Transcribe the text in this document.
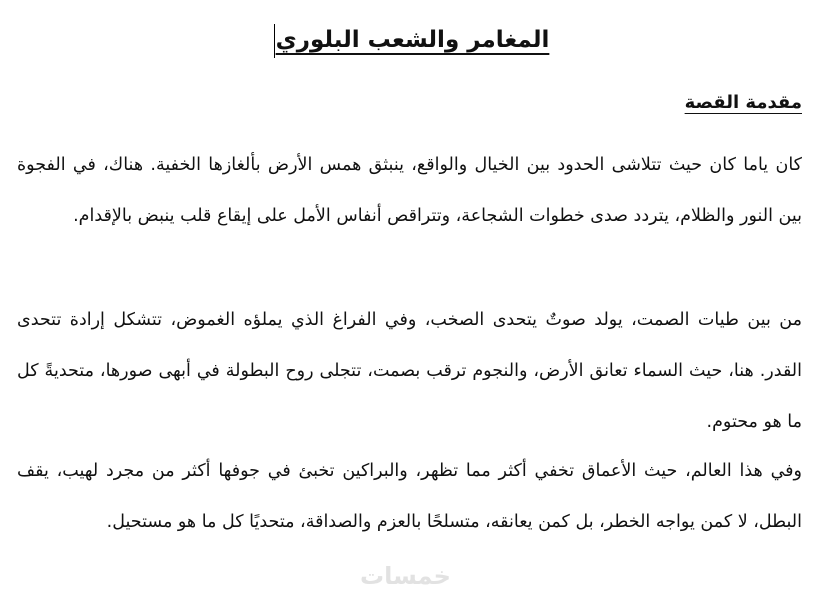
المغامر والشعب البلوري
مقدمة القصة

كان ياما كان حيث تتلاشى الحدود بين الخيال والواقع، ينبثق همس الأرض بألغازها الخفية. هناك، في الفجوة بين النور والظلام، يتردد صدى خطوات الشجاعة، وتتراقص أنفاس الأمل على إيقاع قلب ينبض بالإقدام.

من بين طيات الصمت، يولد صوتٌ يتحدى الصخب، وفي الفراغ الذي يملؤه الغموض، تتشكل إرادة تتحدى القدر. هنا، حيث السماء تعانق الأرض، والنجوم ترقب بصمت، تتجلى روح البطولة في أبهى صورها، متحديةً كل ما هو محتوم.

وفي هذا العالم، حيث الأعماق تخفي أكثر مما تظهر، والبراكين تخبئ في جوفها أكثر من مجرد لهيب، يقف البطل، لا كمن يواجه الخطر، بل كمن يعانقه، متسلحًا بالعزم والصداقة، متحديًا كل ما هو مستحيل.

خمسات
